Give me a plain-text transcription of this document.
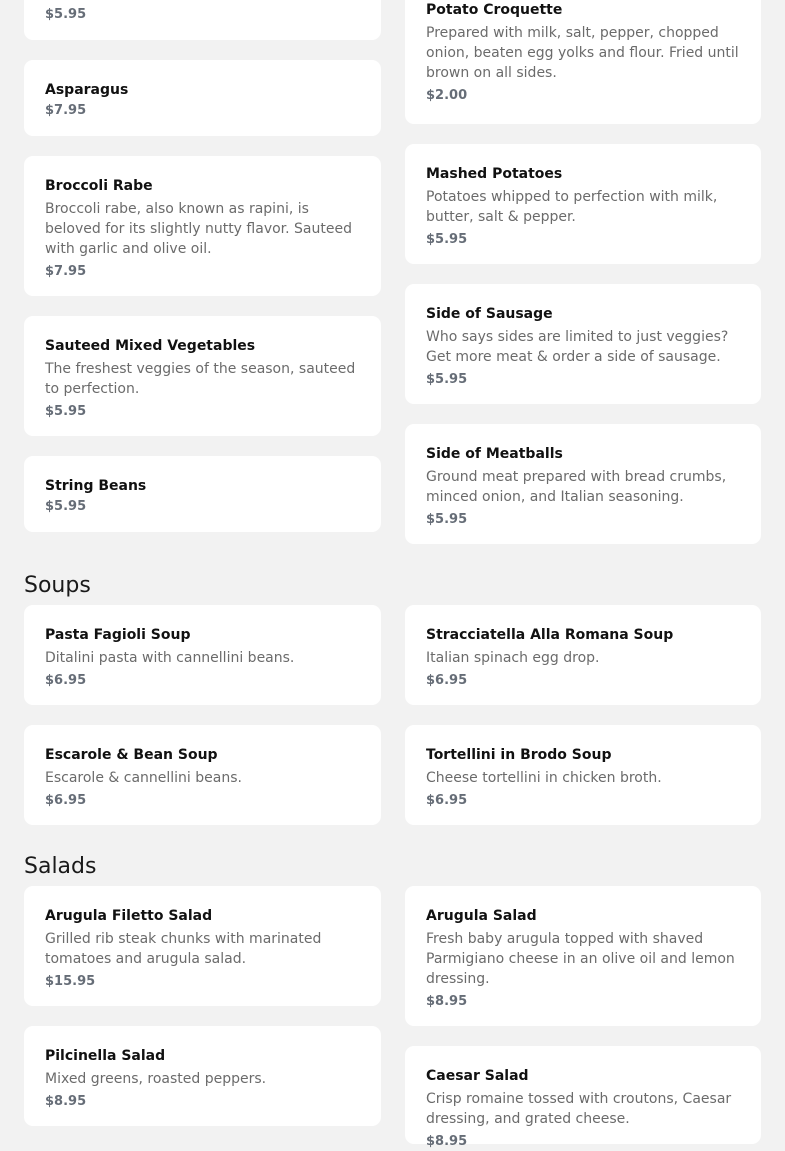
$5.95

Asparagus

$7.95

Broccoli Rabe

Broccoli rabe, also known as rapini, is beloved for its slightly nutty flavor. Sauteed with garlic and olive oil.

$7.95

Sauteed Mixed Vegetables

The freshest veggies of the season, sauteed to perfection.

$5.95

String Beans

$5.95

Potato Croquette

Prepared with milk, salt, pepper, chopped onion, beaten egg yolks and flour. Fried until brown on all sides.

$2.00

Mashed Potatoes

Potatoes whipped to perfection with milk, butter, salt & pepper.

$5.95

Side of Sausage

Who says sides are limited to just veggies? Get more meat & order a side of sausage.

$5.95

Side of Meatballs

Ground meat prepared with bread crumbs, minced onion, and Italian seasoning.

$5.95

Soups

Pasta Fagioli Soup

Ditalini pasta with cannellini beans.

$6.95

Stracciatella Alla Romana Soup

Italian spinach egg drop.

$6.95

Escarole & Bean Soup

Escarole & cannellini beans.

$6.95

Tortellini in Brodo Soup

Cheese tortellini in chicken broth.

$6.95

Salads

Arugula Filetto Salad

Grilled rib steak chunks with marinated tomatoes and arugula salad.

$15.95

Arugula Salad

Fresh baby arugula topped with shaved Parmigiano cheese in an olive oil and lemon dressing.

$8.95

Pilcinella Salad

Mixed greens, roasted peppers.

$8.95

Caesar Salad

Crisp romaine tossed with croutons, Caesar dressing, and grated cheese.

$8.95
